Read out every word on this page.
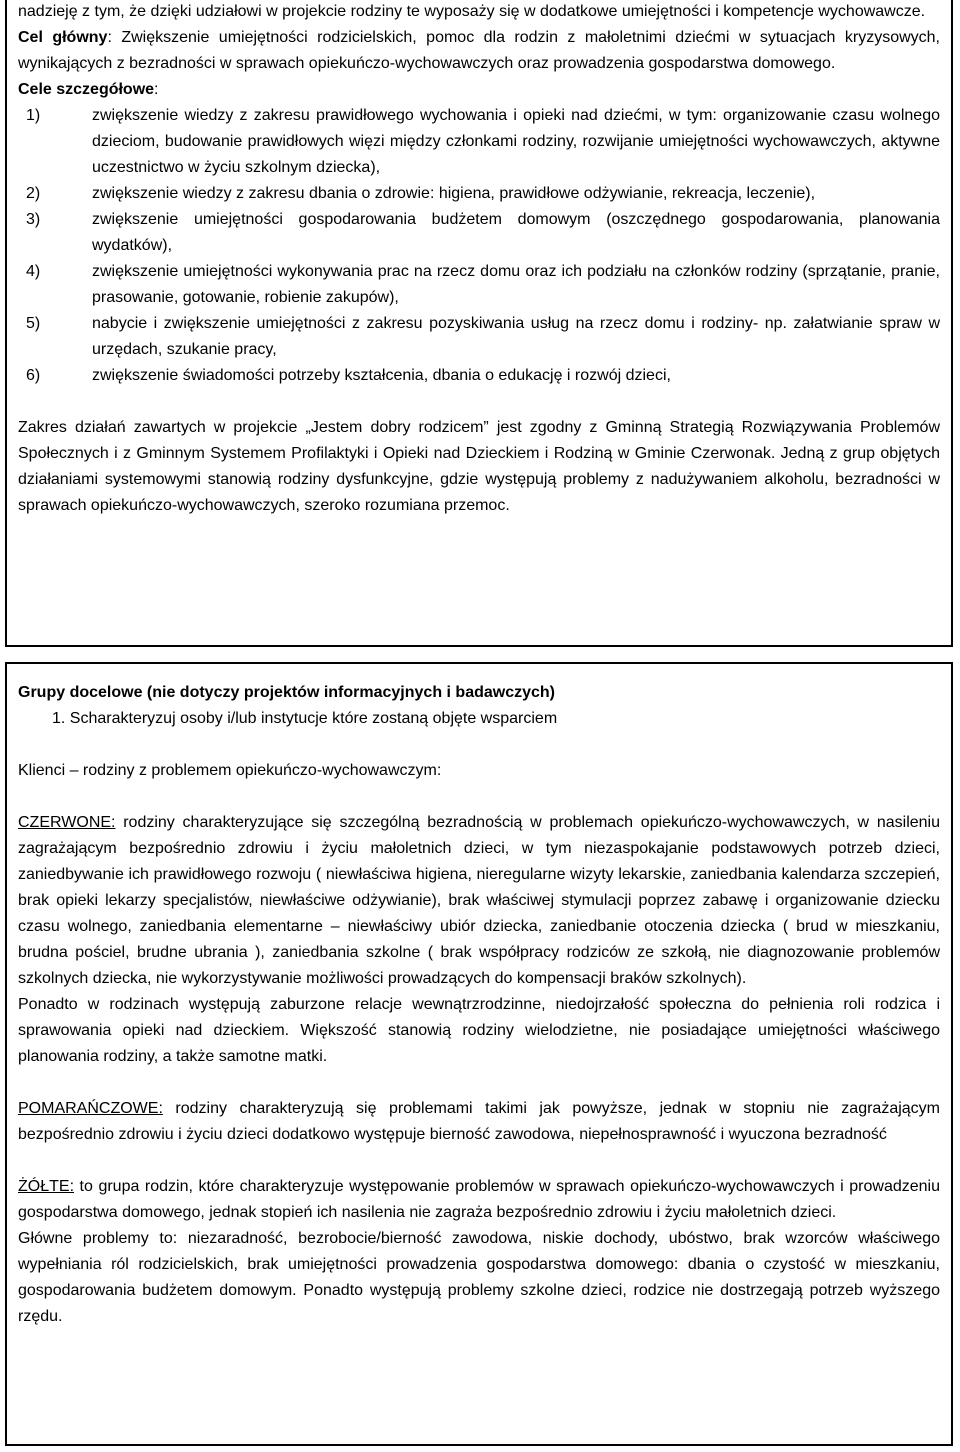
nadzieję z tym, że dzięki udziałowi w projekcie rodziny te wyposaży się w dodatkowe umiejętności i kompetencje wychowawcze.

Cel główny: Zwiększenie umiejętności rodzicielskich, pomoc dla rodzin z małoletnimi dziećmi w sytuacjach kryzysowych, wynikających z bezradności w sprawach opiekuńczo-wychowawczych oraz prowadzenia gospodarstwa domowego.

Cele szczegółowe:

1)	zwiększenie wiedzy z zakresu prawidłowego wychowania i opieki nad dziećmi, w tym: organizowanie czasu wolnego dzieciom, budowanie prawidłowych więzi między członkami rodziny, rozwijanie umiejętności wychowawczych, aktywne uczestnictwo w życiu szkolnym dziecka),
2)	zwiększenie wiedzy z zakresu dbania o zdrowie: higiena, prawidłowe odżywianie, rekreacja, leczenie),
3)	zwiększenie umiejętności gospodarowania budżetem domowym (oszczędnego gospodarowania, planowania wydatków),
4)	zwiększenie umiejętności wykonywania prac na rzecz domu oraz ich podziału na członków rodziny (sprzątanie, pranie, prasowanie, gotowanie, robienie zakupów),
5)	nabycie i zwiększenie umiejętności z zakresu pozyskiwania usług na rzecz domu i rodziny- np. załatwianie spraw w urzędach, szukanie pracy,
6)	zwiększenie świadomości potrzeby kształcenia, dbania o edukację i rozwój dzieci,

Zakres działań zawartych w projekcie „Jestem dobry rodzicem” jest zgodny z Gminną Strategią Rozwiązywania Problemów Społecznych i z Gminnym Systemem Profilaktyki i Opieki nad Dzieckiem i Rodziną w Gminie Czerwonak. Jedną z grup objętych działaniami systemowymi stanowią rodziny dysfunkcyjne, gdzie występują problemy z nadużywaniem alkoholu, bezradności w sprawach opiekuńczo-wychowawczych, szeroko rozumiana przemoc.

Grupy docelowe (nie dotyczy projektów informacyjnych i badawczych)
1. Scharakteryzuj osoby i/lub instytucje które zostaną objęte wsparciem

Klienci – rodziny z problemem opiekuńczo-wychowawczym:

CZERWONE: rodziny charakteryzujące się szczególną bezradnością w problemach opiekuńczo-wychowawczych, w nasileniu zagrażającym bezpośrednio zdrowiu i życiu małoletnich dzieci, w tym niezaspokajanie podstawowych potrzeb dzieci, zaniedbywanie ich prawidłowego rozwoju ( niewłaściwa higiena, nieregularne wizyty lekarskie, zaniedbania kalendarza szczepień, brak opieki lekarzy specjalistów, niewłaściwe odżywianie), brak właściwej stymulacji poprzez zabawę i organizowanie dziecku czasu wolnego, zaniedbania elementarne – niewłaściwy ubiór dziecka, zaniedbanie otoczenia dziecka ( brud w mieszkaniu, brudna pościel, brudne ubrania ), zaniedbania szkolne ( brak współpracy rodziców ze szkołą, nie diagnozowanie problemów szkolnych dziecka, nie wykorzystywanie możliwości prowadzących do kompensacji braków szkolnych).

Ponadto w rodzinach występują zaburzone relacje wewnątrzrodzinne, niedojrzałość społeczna do pełnienia roli rodzica i sprawowania opieki nad dzieckiem. Większość stanowią rodziny wielodzietne, nie posiadające umiejętności właściwego planowania rodziny, a także samotne matki.

POMARAŃCZOWE: rodziny charakteryzują się problemami takimi jak powyższe, jednak w stopniu nie zagrażającym bezpośrednio zdrowiu i życiu dzieci dodatkowo występuje bierność zawodowa, niepełnosprawność i wyuczona bezradność

ŻÓŁTE: to grupa rodzin, które charakteryzuje występowanie problemów w sprawach opiekuńczo-wychowawczych i prowadzeniu gospodarstwa domowego, jednak stopień ich nasilenia nie zagraża bezpośrednio zdrowiu i życiu małoletnich dzieci.

Główne problemy to: niezaradność, bezrobocie/bierność zawodowa, niskie dochody, ubóstwo, brak wzorców właściwego wypełniania ról rodzicielskich, brak umiejętności prowadzenia gospodarstwa domowego: dbania o czystość w mieszkaniu, gospodarowania budżetem domowym. Ponadto występują problemy szkolne dzieci, rodzice nie dostrzegają potrzeb wyższego rzędu.
